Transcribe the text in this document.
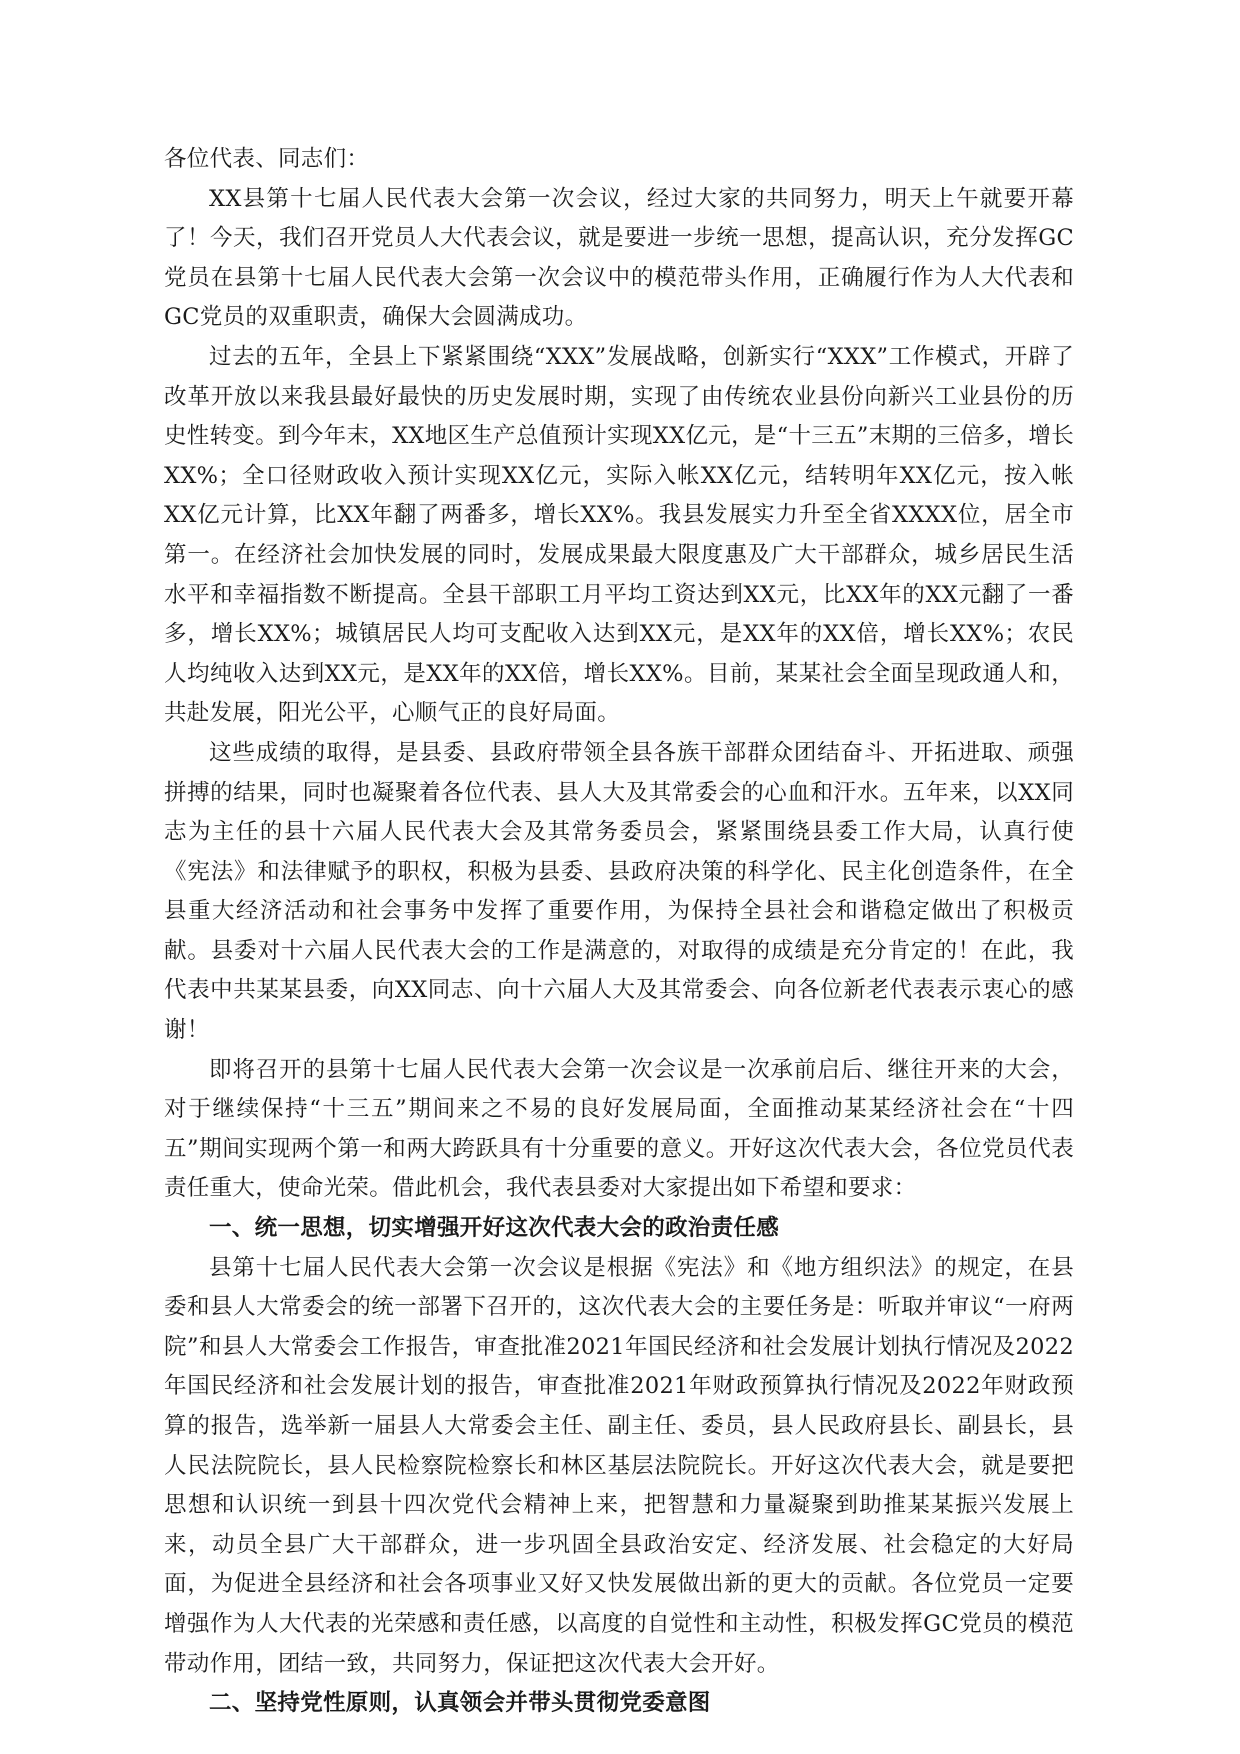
各位代表、同志们：

XX县第十七届人民代表大会第一次会议，经过大家的共同努力，明天上午就要开幕了！今天，我们召开党员人大代表会议，就是要进一步统一思想，提高认识，充分发挥GC党员在县第十七届人民代表大会第一次会议中的模范带头作用，正确履行作为人大代表和GC党员的双重职责，确保大会圆满成功。

过去的五年，全县上下紧紧围绕“XXX”发展战略，创新实行“XXX”工作模式，开辟了改革开放以来我县最好最快的历史发展时期，实现了由传统农业县份向新兴工业县份的历史性转变。到今年末，XX地区生产总值预计实现XX亿元，是“十三五”末期的三倍多，增长XX%；全口径财政收入预计实现XX亿元，实际入帐XX亿元，结转明年XX亿元，按入帐XX亿元计算，比XX年翻了两番多，增长XX%。我县发展实力升至全省XXXX位，居全市第一。在经济社会加快发展的同时，发展成果最大限度惠及广大干部群众，城乡居民生活水平和幸福指数不断提高。全县干部职工月平均工资达到XX元，比XX年的XX元翻了一番多，增长XX%；城镇居民人均可支配收入达到XX元，是XX年的XX倍，增长XX%；农民人均纯收入达到XX元，是XX年的XX倍，增长XX%。目前，某某社会全面呈现政通人和，共赴发展，阳光公平，心顺气正的良好局面。

这些成绩的取得，是县委、县政府带领全县各族干部群众团结奋斗、开拓进取、顽强拼搏的结果，同时也凝聚着各位代表、县人大及其常委会的心血和汗水。五年来，以XX同志为主任的县十六届人民代表大会及其常务委员会，紧紧围绕县委工作大局，认真行使《宪法》和法律赋予的职权，积极为县委、县政府决策的科学化、民主化创造条件，在全县重大经济活动和社会事务中发挥了重要作用，为保持全县社会和谐稳定做出了积极贡献。县委对十六届人民代表大会的工作是满意的，对取得的成绩是充分肯定的！在此，我代表中共某某县委，向XX同志、向十六届人大及其常委会、向各位新老代表表示衷心的感谢！

即将召开的县第十七届人民代表大会第一次会议是一次承前启后、继往开来的大会，对于继续保持“十三五”期间来之不易的良好发展局面，全面推动某某经济社会在“十四五”期间实现两个第一和两大跨跃具有十分重要的意义。开好这次代表大会，各位党员代表责任重大，使命光荣。借此机会，我代表县委对大家提出如下希望和要求：

一、统一思想，切实增强开好这次代表大会的政治责任感

县第十七届人民代表大会第一次会议是根据《宪法》和《地方组织法》的规定，在县委和县人大常委会的统一部署下召开的，这次代表大会的主要任务是：听取并审议“一府两院”和县人大常委会工作报告，审查批准2021年国民经济和社会发展计划执行情况及2022年国民经济和社会发展计划的报告，审查批准2021年财政预算执行情况及2022年财政预算的报告，选举新一届县人大常委会主任、副主任、委员，县人民政府县长、副县长，县人民法院院长，县人民检察院检察长和林区基层法院院长。开好这次代表大会，就是要把思想和认识统一到县十四次党代会精神上来，把智慧和力量凝聚到助推某某振兴发展上来，动员全县广大干部群众，进一步巩固全县政治安定、经济发展、社会稳定的大好局面，为促进全县经济和社会各项事业又好又快发展做出新的更大的贡献。各位党员一定要增强作为人大代表的光荣感和责任感，以高度的自觉性和主动性，积极发挥GC党员的模范带动作用，团结一致，共同努力，保证把这次代表大会开好。

二、坚持党性原则，认真领会并带头贯彻党委意图
